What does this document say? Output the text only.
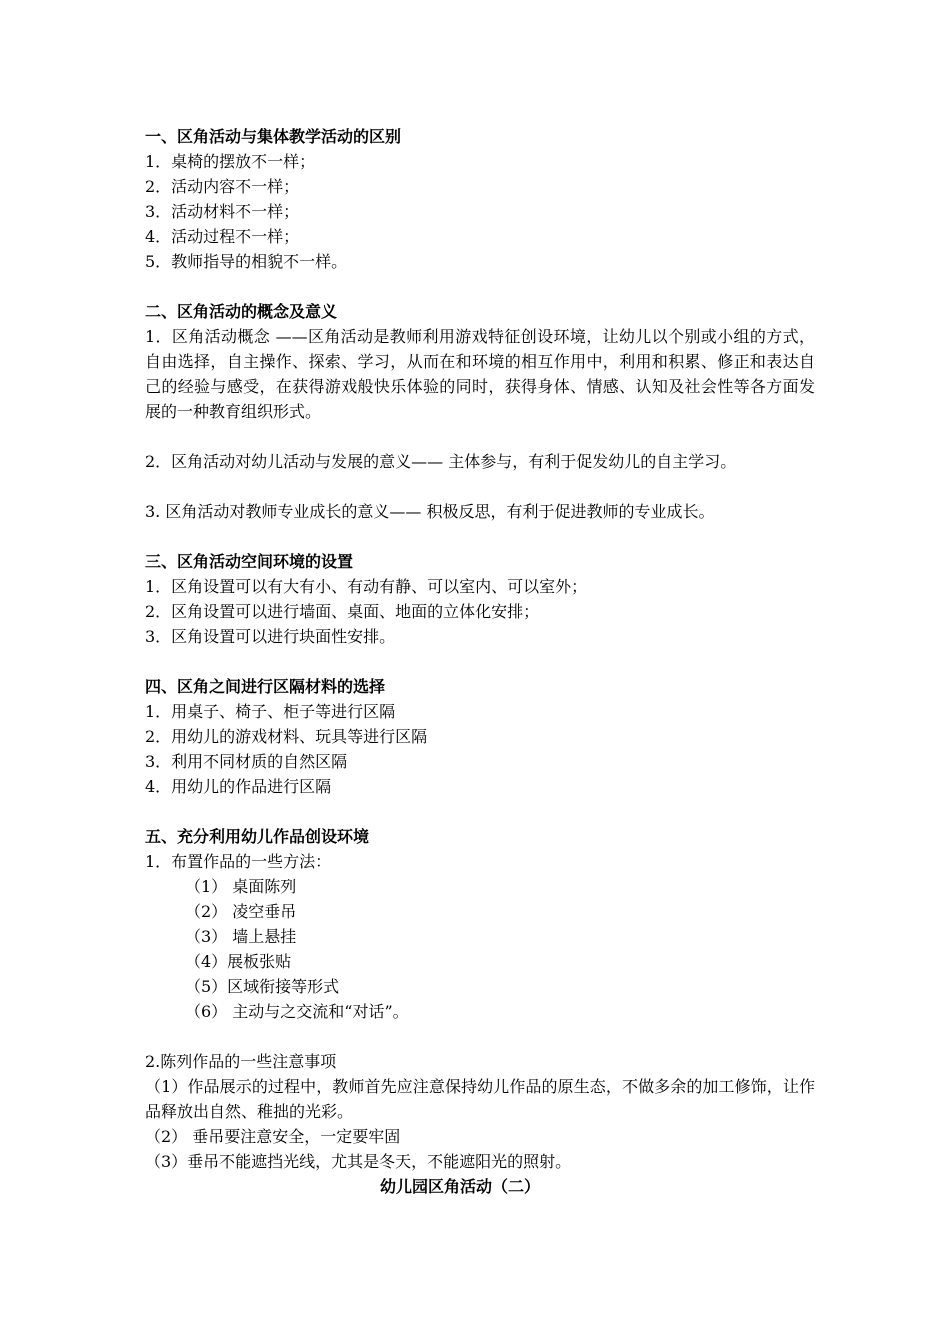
一、区角活动与集体教学活动的区别
1．桌椅的摆放不一样；
2．活动内容不一样；
3．活动材料不一样；
4．活动过程不一样；
5．教师指导的相貌不一样。
二、区角活动的概念及意义
1．区角活动概念 ——区角活动是教师利用游戏特征创设环境，让幼儿以个别或小组的方式，自由选择，自主操作、探索、学习，从而在和环境的相互作用中，利用和积累、修正和表达自己的经验与感受，在获得游戏般快乐体验的同时，获得身体、情感、认知及社会性等各方面发展的一种教育组织形式。
2．区角活动对幼儿活动与发展的意义—— 主体参与，有利于促发幼儿的自主学习。
3. 区角活动对教师专业成长的意义—— 积极反思，有利于促进教师的专业成长。
三、区角活动空间环境的设置
1．区角设置可以有大有小、有动有静、可以室内、可以室外；
2．区角设置可以进行墙面、桌面、地面的立体化安排；
3．区角设置可以进行块面性安排。
四、区角之间进行区隔材料的选择
1．用桌子、椅子、柜子等进行区隔
2．用幼儿的游戏材料、玩具等进行区隔
3．利用不同材质的自然区隔
4．用幼儿的作品进行区隔
五、充分利用幼儿作品创设环境
1．布置作品的一些方法：
（1） 桌面陈列
（2） 凌空垂吊
（3） 墙上悬挂
（4）展板张贴
（5）区域衔接等形式
（6） 主动与之交流和“对话”。
2.陈列作品的一些注意事项
（1）作品展示的过程中，教师首先应注意保持幼儿作品的原生态，不做多余的加工修饰，让作品释放出自然、稚拙的光彩。
（2） 垂吊要注意安全，一定要牢固
（3）垂吊不能遮挡光线，尤其是冬天，不能遮阳光的照射。
幼儿园区角活动（二）
